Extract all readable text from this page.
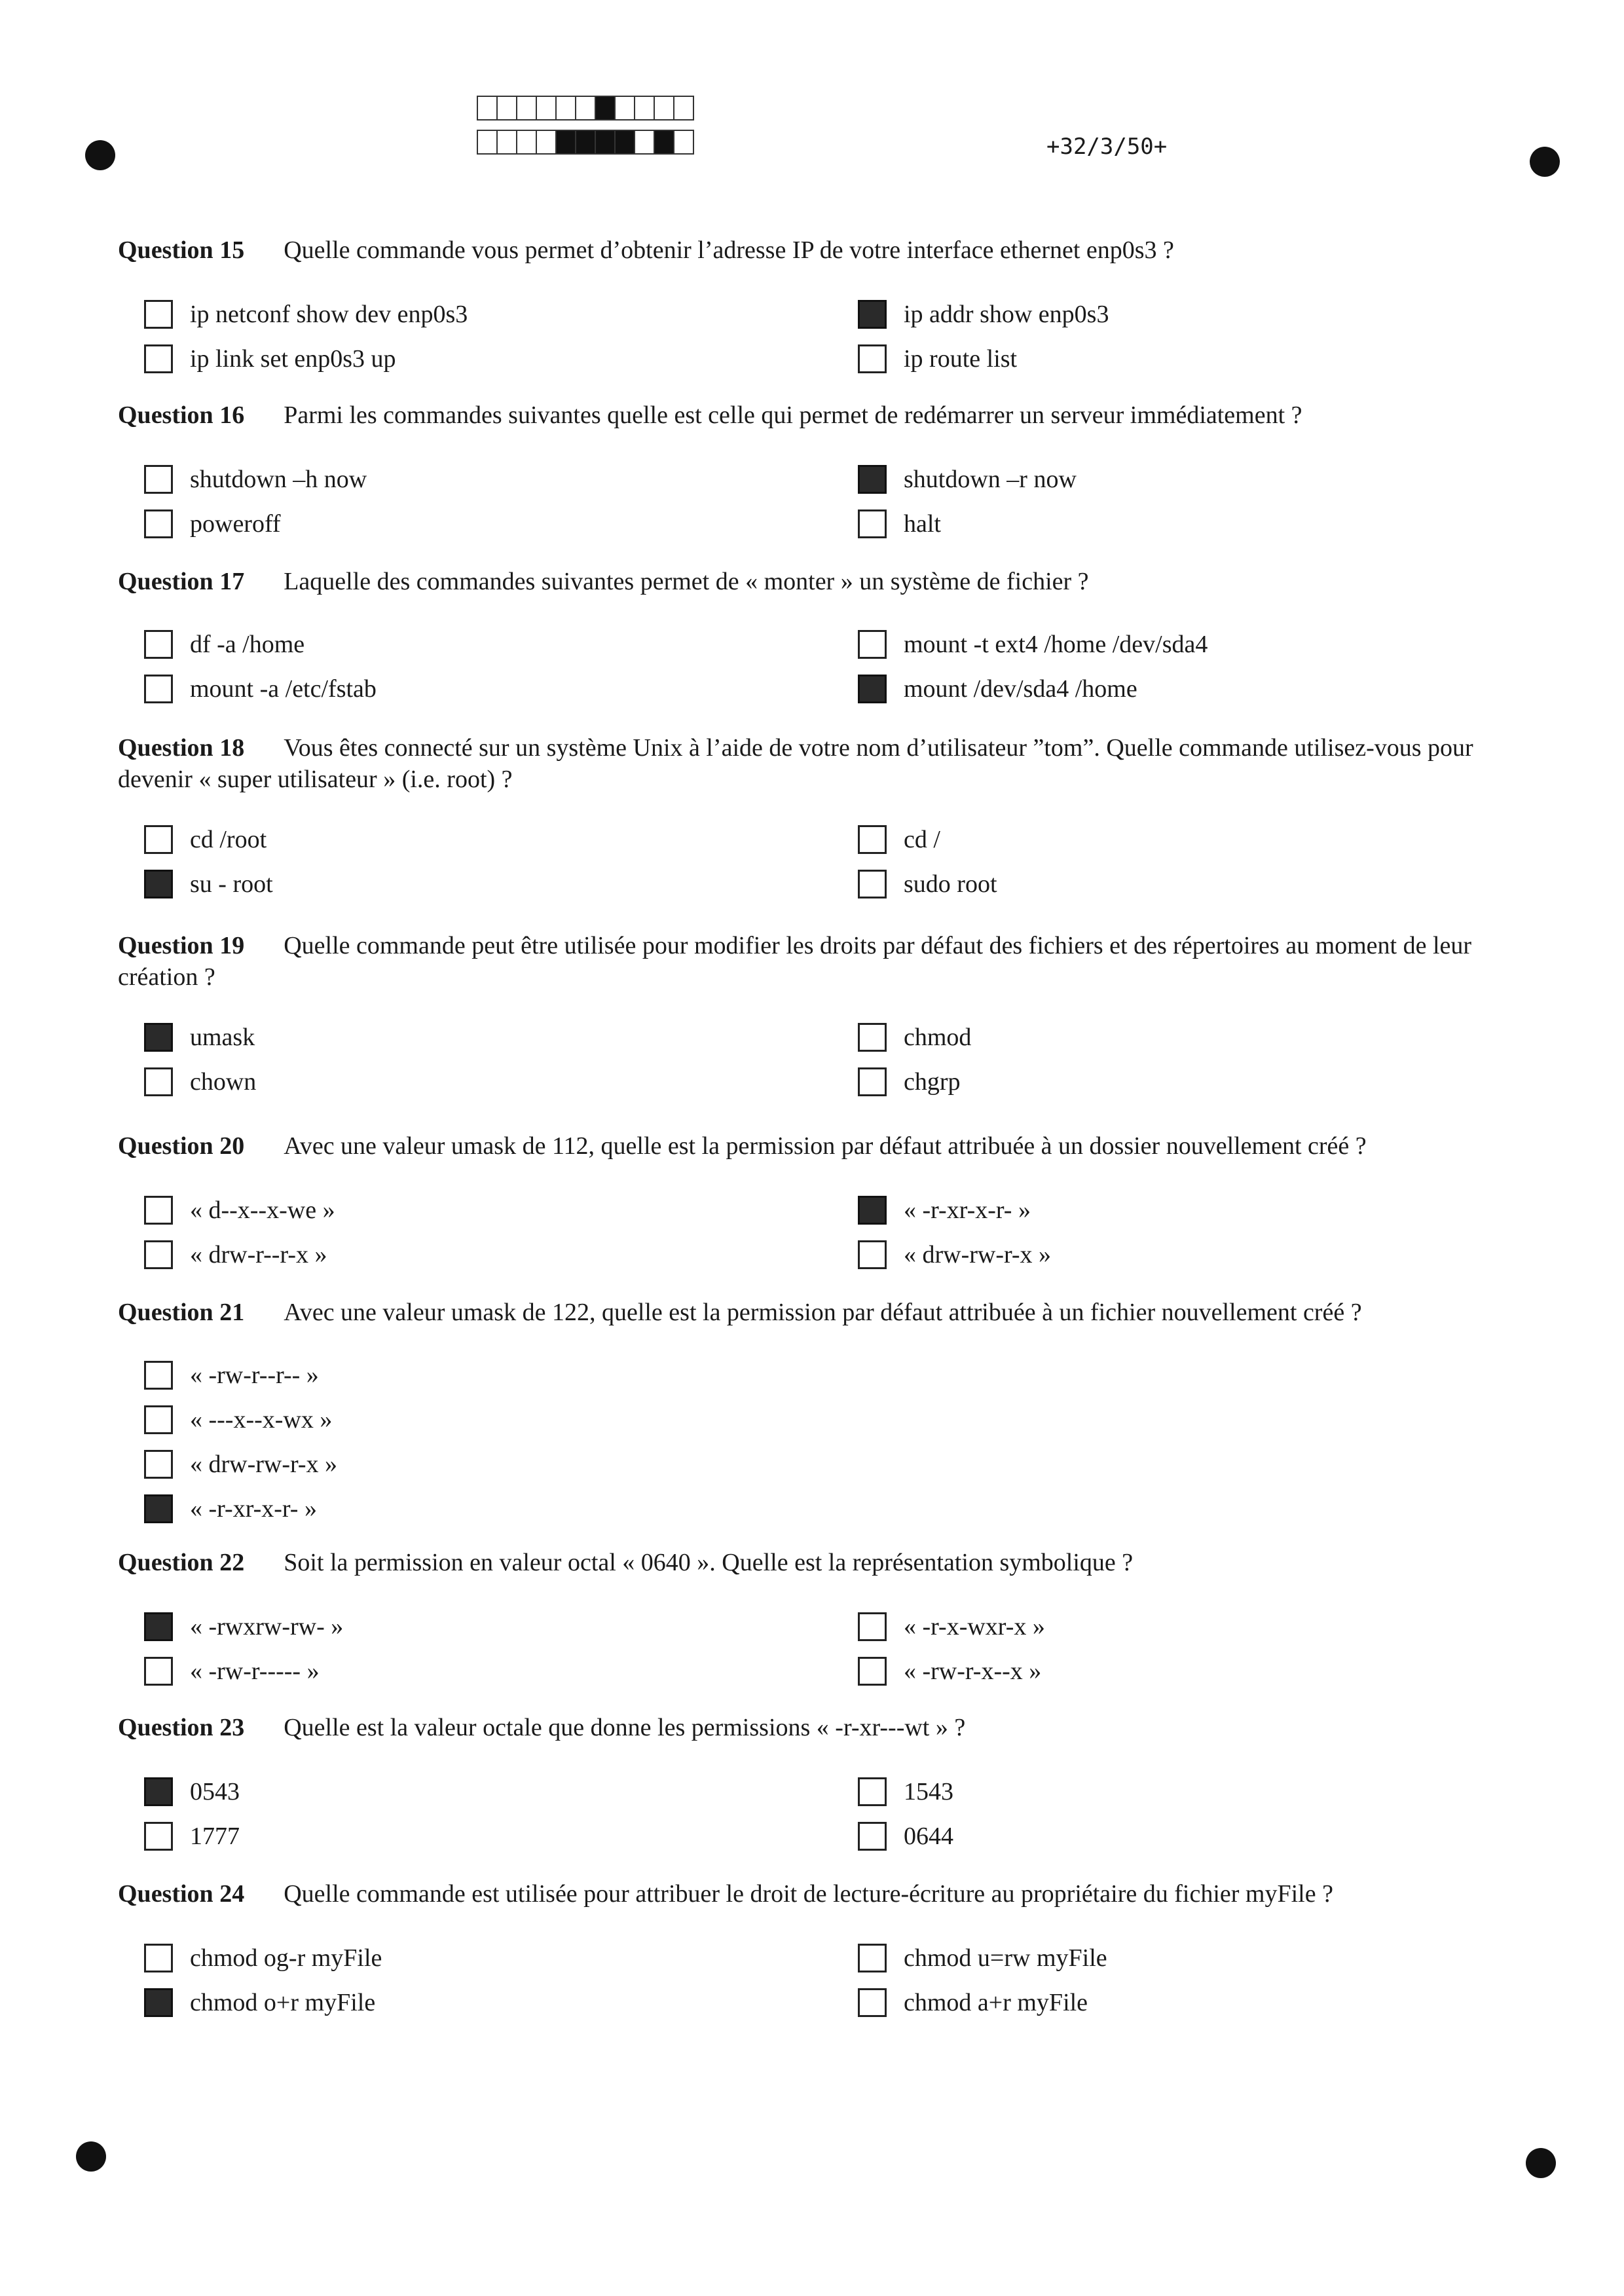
+32/3/50+
Question 15 Quelle commande vous permet d’obtenir l’adresse IP de votre interface ethernet enp0s3 ?
ip netconf show dev enp0s3	ip addr show enp0s3
ip link set enp0s3 up	ip route list
Question 16 Parmi les commandes suivantes quelle est celle qui permet de redémarrer un serveur immédiatement ?
shutdown –h now	shutdown –r now
poweroff	halt
Question 17 Laquelle des commandes suivantes permet de « monter » un système de fichier ?
df -a /home	mount -t ext4 /home /dev/sda4
mount -a /etc/fstab	mount /dev/sda4 /home
Question 18 Vous êtes connecté sur un système Unix à l’aide de votre nom d’utilisateur ”tom”. Quelle commande utilisez-vous pour devenir « super utilisateur » (i.e. root) ?
cd /root	cd /
su - root	sudo root
Question 19 Quelle commande peut être utilisée pour modifier les droits par défaut des fichiers et des répertoires au moment de leur création ?
umask	chmod
chown	chgrp
Question 20 Avec une valeur umask de 112, quelle est la permission par défaut attribuée à un dossier nouvellement créé ?
« d--x--x-we »	« -r-xr-x-r- »
« drw-r--r-x »	« drw-rw-r-x »
Question 21 Avec une valeur umask de 122, quelle est la permission par défaut attribuée à un fichier nouvellement créé ?
« -rw-r--r-- »
« ---x--x-wx »
« drw-rw-r-x »
« -r-xr-x-r- »
Question 22 Soit la permission en valeur octal « 0640 ». Quelle est la représentation symbolique ?
« -rwxrw-rw- »	« -r-x-wxr-x »
« -rw-r----- »	« -rw-r-x--x »
Question 23 Quelle est la valeur octale que donne les permissions « -r-xr---wt » ?
0543	1543
1777	0644
Question 24 Quelle commande est utilisée pour attribuer le droit de lecture-écriture au propriétaire du fichier myFile ?
chmod og-r myFile	chmod u=rw myFile
chmod o+r myFile	chmod a+r myFile
